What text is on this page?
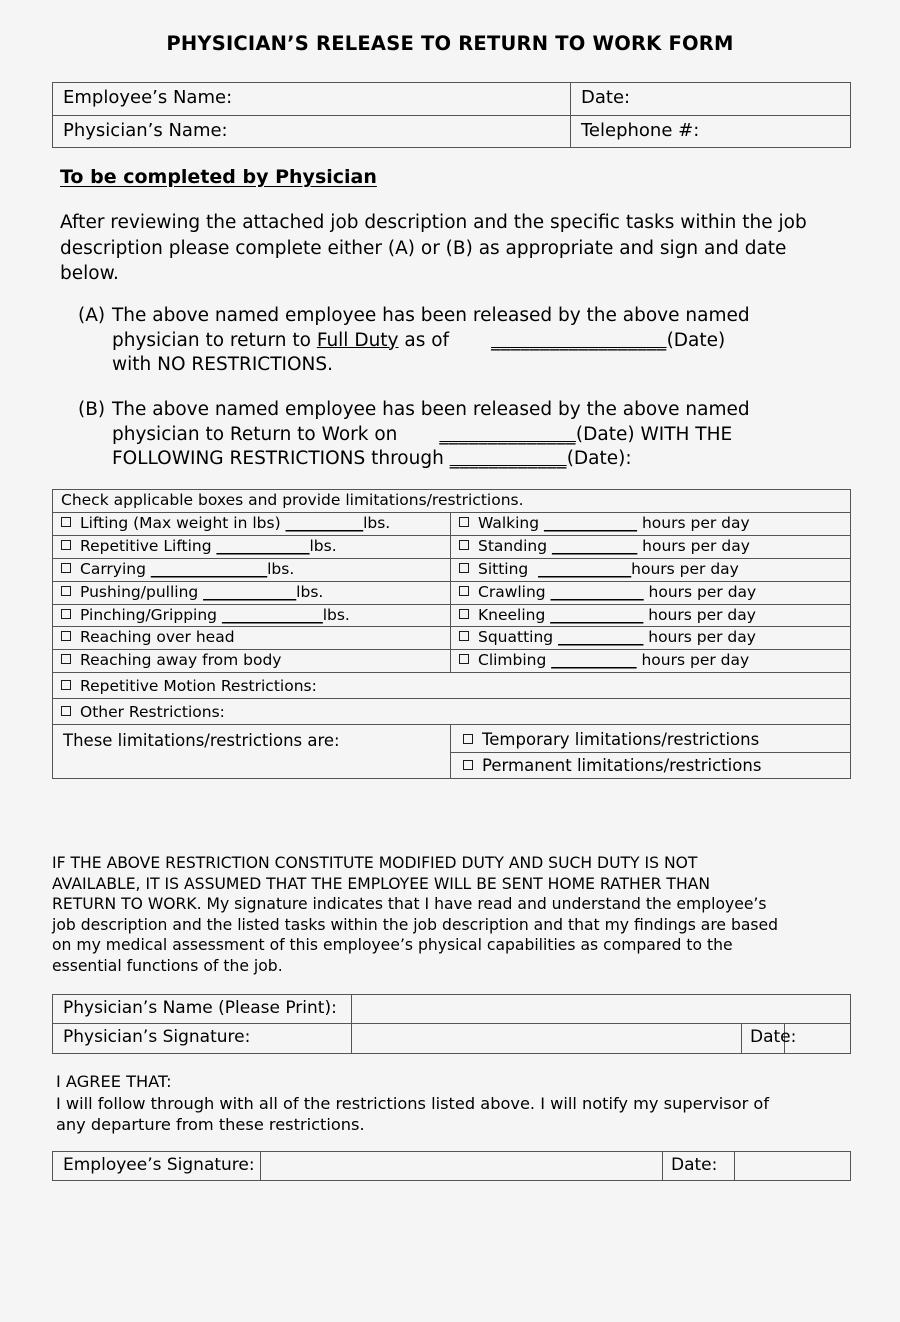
PHYSICIAN’S RELEASE TO RETURN TO WORK FORM
Employee’s Name:	Date:

Physician’s Name:	Telephone #:
To be completed by Physician
After reviewing the attached job description and the specific tasks within the job description please complete either (A) or (B) as appropriate and sign and date below.
(A) The above named employee has been released by the above named
physician to return to Full Duty as of __________________(Date)
with NO RESTRICTIONS.
(B) The above named employee has been released by the above named
physician to Return to Work on ______________(Date) WITH THE
FOLLOWING RESTRICTIONS through ____________(Date):
Check applicable boxes and provide limitations/restrictions.	

Lifting (Max weight in lbs) __________lbs.	Walking ____________ hours per day

Repetitive Lifting ____________lbs.	Standing ___________ hours per day

Carrying _______________lbs.	Sitting ____________hours per day

Pushing/pulling ____________lbs.	Crawling ____________ hours per day

Pinching/Gripping _____________lbs.	Kneeling ____________ hours per day

Reaching over head	Squatting ___________ hours per day

Reaching away from body	Climbing ___________ hours per day

Repetitive Motion Restrictions:	

Other Restrictions:	

These limitations/restrictions are:	Temporary limitations/restrictions

	Permanent limitations/restrictions
IF THE ABOVE RESTRICTION CONSTITUTE MODIFIED DUTY AND SUCH DUTY IS NOT
AVAILABLE, IT IS ASSUMED THAT THE EMPLOYEE WILL BE SENT HOME RATHER THAN
RETURN TO WORK. My signature indicates that I have read and understand the employee’s
job description and the listed tasks within the job description and that my findings are based
on my medical assessment of this employee’s physical capabilities as compared to the
essential functions of the job.
Physician’s Name (Please Print):			

Physician’s Signature:		Date:	

I AGREE THAT:
I will follow through with all of the restrictions listed above. I will notify my supervisor of
any departure from these restrictions.
Employee’s Signature:		Date:
